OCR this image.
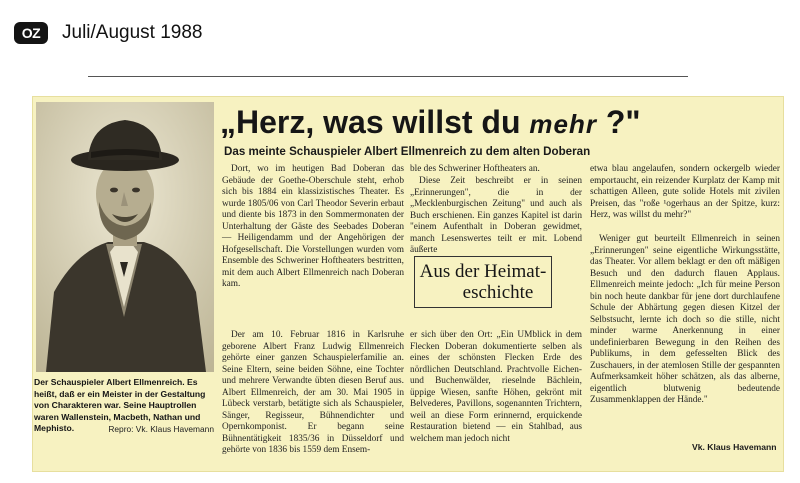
OZ	Juli/August 1988
Der Schauspieler Albert Ellmenreich. Es heißt, daß er ein Meister in der Gestaltung von Charakteren war. Seine Hauptrollen waren Wallenstein, Macbeth, Nathan und Mephisto.	Repro: Vk. Klaus Havemann
„Herz, was willst du mehr ?"

Das meinte Schauspieler Albert Ellmenreich zu dem alten Doberan

Dort, wo im heutigen Bad Doberan das Gebäude der Goethe-Oberschule steht, erhob sich bis 1884 ein klassizistisches Theater. Es wurde 1805/06 von Carl Theodor Severin erbaut und diente bis 1873 in den Sommermonaten der Unterhaltung der Gäste des Seebades Doberan — Heiligendamm und der Angehörigen der Hofgesellschaft. Die Vorstellungen wurden vom Ensemble des Schweriner Hoftheaters bestritten, mit dem auch Albert Ellmenreich nach Doberan kam.

Der am 10. Februar 1816 in Karlsruhe geborene Albert Franz Ludwig Ellmenreich gehörte einer ganzen Schauspielerfamilie an. Seine Eltern, seine beiden Söhne, eine Tochter und mehrere Verwandte übten diesen Beruf aus. Albert Ellmenreich, der am 30. Mai 1905 in Lübeck verstarb, betätigte sich als Schauspieler, Sänger, Regisseur, Bühnendichter und Opernkomponist. Er begann seine Bühnentätigkeit 1835/36 in Düsseldorf und gehörte von 1836 bis 1559 dem Ensem-

ble des Schweriner Hoftheaters an.

Diese Zeit beschreibt er in seinen „Erinnerungen", die in der „Mecklenburgischen Zeitung" und auch als Buch erschienen. Ein ganzes Kapitel ist darin "einem Aufenthalt in Doberan gewidmet, manch Lesenswertes teilt er mit. Lobend äußerte

Aus der Heimat-
eschichte

er sich über den Ort: „Ein UMblick in dem Flecken Doberan dokumentierte selben als eines der schönsten Flecken Erde des nördlichen Deutschland. Prachtvolle Eichen- und Buchenwälder, rieselnde Bächlein, üppige Wiesen, sanfte Höhen, gekrönt mit Belvederes, Pavillons, sogenannten Trichtern, weil an diese Form erinnernd, erquickende Restauration bietend — ein Stahlbad, aus welchem man jedoch nicht

etwa blau angelaufen, sondern ockergelb wieder emportaucht, ein reizender Kurplatz der Kamp mit schattigen Alleen, gute solide Hotels mit zivilen Preisen, das "roße ¹ogerhaus an der Spitze, kurz: Herz, was willst du mehr?"

Weniger gut beurteilt Ellmenreich in seinen „Erinnerungen" seine eigentliche Wirkungsstätte, das Theater. Vor allem beklagt er den oft mäßigen Besuch und den dadurch flauen Applaus. Ellmenreich meinte jedoch: „Ich für meine Person bin noch heute dankbar für jene dort durchlaufene Schule der Abhärtung gegen diesen Kitzel der Selbstsucht, lernte ich doch so die stille, nicht minder warme Anerkennung in einer undefinierbaren Bewegung in den Reihen des Publikums, in dem gefesselten Blick des Zuschauers, in der atemlosen Stille der gespannten Aufmerksamkeit höher schätzen, als das alberne, eigentlich blutwenig bedeutende Zusammenklappen der Hände."

Vk. Klaus Havemann
